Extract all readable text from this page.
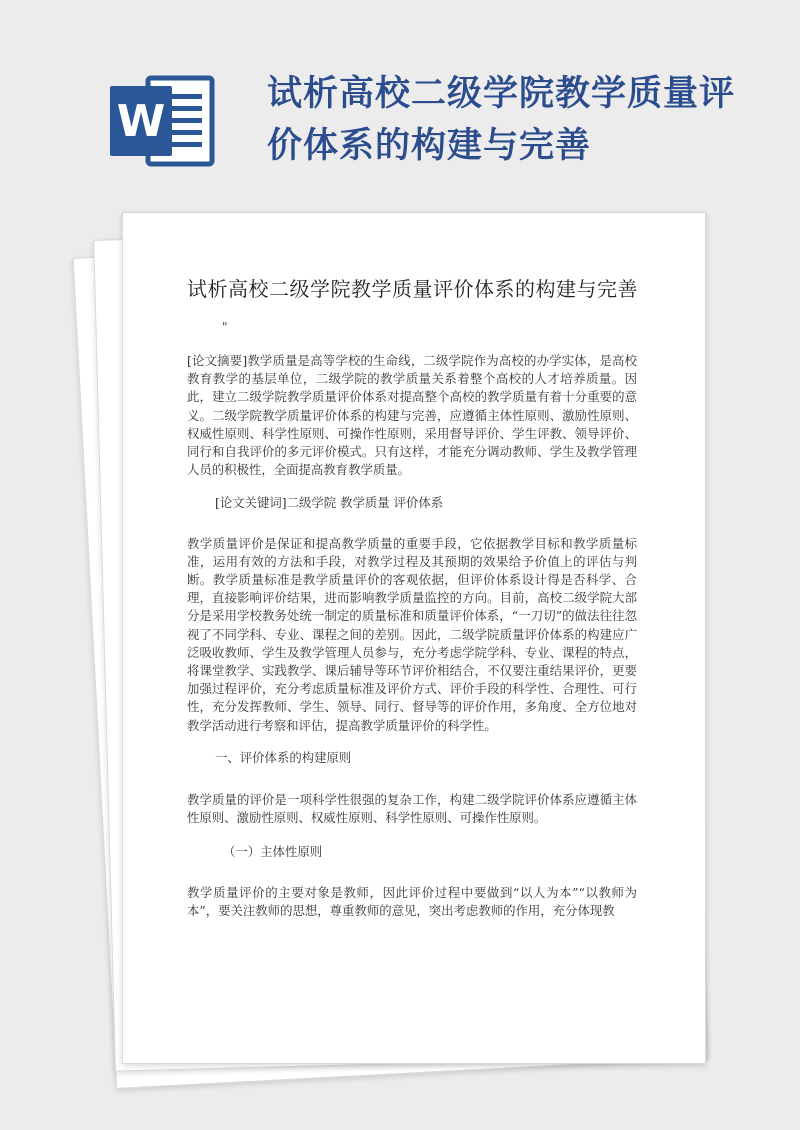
W
试析高校二级学院教学质量评价体系的构建与完善
试析高校二级学院教学质量评价体系的构建与完善
"

[论文摘要]教学质量是高等学校的生命线，二级学院作为高校的办学实体，是高校教育教学的基层单位，二级学院的教学质量关系着整个高校的人才培养质量。因此，建立二级学院教学质量评价体系对提高整个高校的教学质量有着十分重要的意义。二级学院教学质量评价体系的构建与完善，应遵循主体性原则、激励性原则、权威性原则、科学性原则、可操作性原则，采用督导评价、学生评教、领导评价、同行和自我评价的多元评价模式。只有这样，才能充分调动教师、学生及教学管理人员的积极性，全面提高教育教学质量。

[论文关键词]二级学院 教学质量 评价体系

教学质量评价是保证和提高教学质量的重要手段，它依据教学目标和教学质量标准，运用有效的方法和手段，对教学过程及其预期的效果给予价值上的评估与判断。教学质量标准是教学质量评价的客观依据，但评价体系设计得是否科学、合理，直接影响评价结果，进而影响教学质量监控的方向。目前，高校二级学院大部分是采用学校教务处统一制定的质量标准和质量评价体系，“一刀切”的做法往往忽视了不同学科、专业、课程之间的差别。因此，二级学院质量评价体系的构建应广泛吸收教师、学生及教学管理人员参与，充分考虑学院学科、专业、课程的特点，将课堂教学、实践教学、课后辅导等环节评价相结合，不仅要注重结果评价，更要加强过程评价，充分考虑质量标准及评价方式、评价手段的科学性、合理性、可行性，充分发挥教师、学生、领导、同行、督导等的评价作用，多角度、全方位地对教学活动进行考察和评估，提高教学质量评价的科学性。

一、评价体系的构建原则

教学质量的评价是一项科学性很强的复杂工作，构建二级学院评价体系应遵循主体性原则、激励性原则、权威性原则、科学性原则、可操作性原则。

（一）主体性原则

教学质量评价的主要对象是教师，因此评价过程中要做到“以人为本”“以教师为本”，要关注教师的思想，尊重教师的意见，突出考虑教师的作用，充分体现教
